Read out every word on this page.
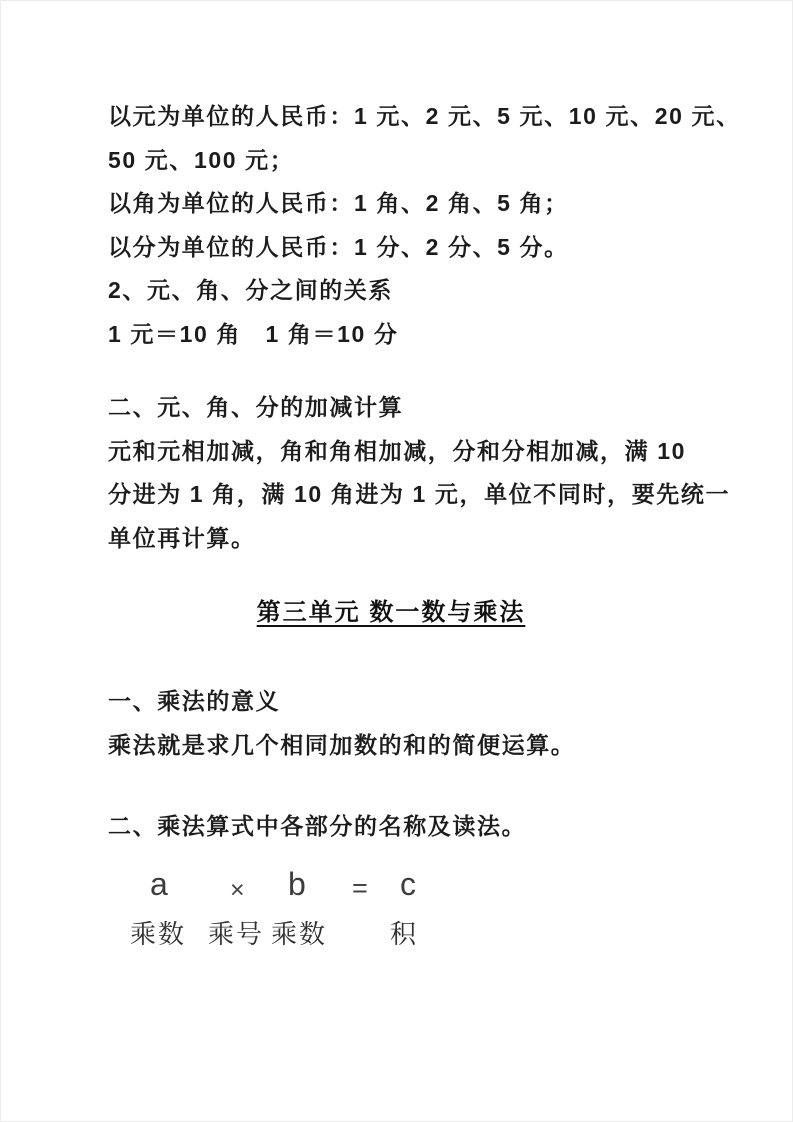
以元为单位的人民币：1 元、2 元、5 元、10 元、20 元、

50 元、100 元；

以角为单位的人民币：1 角、2 角、5 角；

以分为单位的人民币：1 分、2 分、5 分。

2、元、角、分之间的关系

1 元＝10 角　1 角＝10 分

二、元、角、分的加减计算

元和元相加减，角和角相加减，分和分相加减，满 10

分进为 1 角，满 10 角进为 1 元，单位不同时，要先统一

单位再计算。

第三单元 数一数与乘法

一、乘法的意义

乘法就是求几个相同加数的和的简便运算。

二、乘法算式中各部分的名称及读法。

a × b = c
乘数 乘号 乘数 积
